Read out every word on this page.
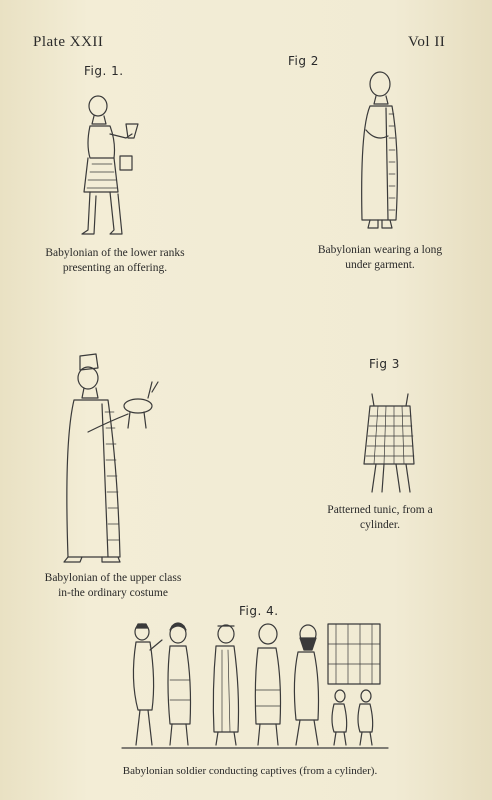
Plate XXII	Vol II
Fig. 1.
Babylonian of the lower ranks
presenting an offering.
Fig 2
Babylonian wearing a long
under garment.
Babylonian of the upper class
in-the ordinary costume
Fig 3
Patterned tunic, from a
cylinder.
Fig. 4.
Babylonian soldier conducting captives (from a cylinder).
